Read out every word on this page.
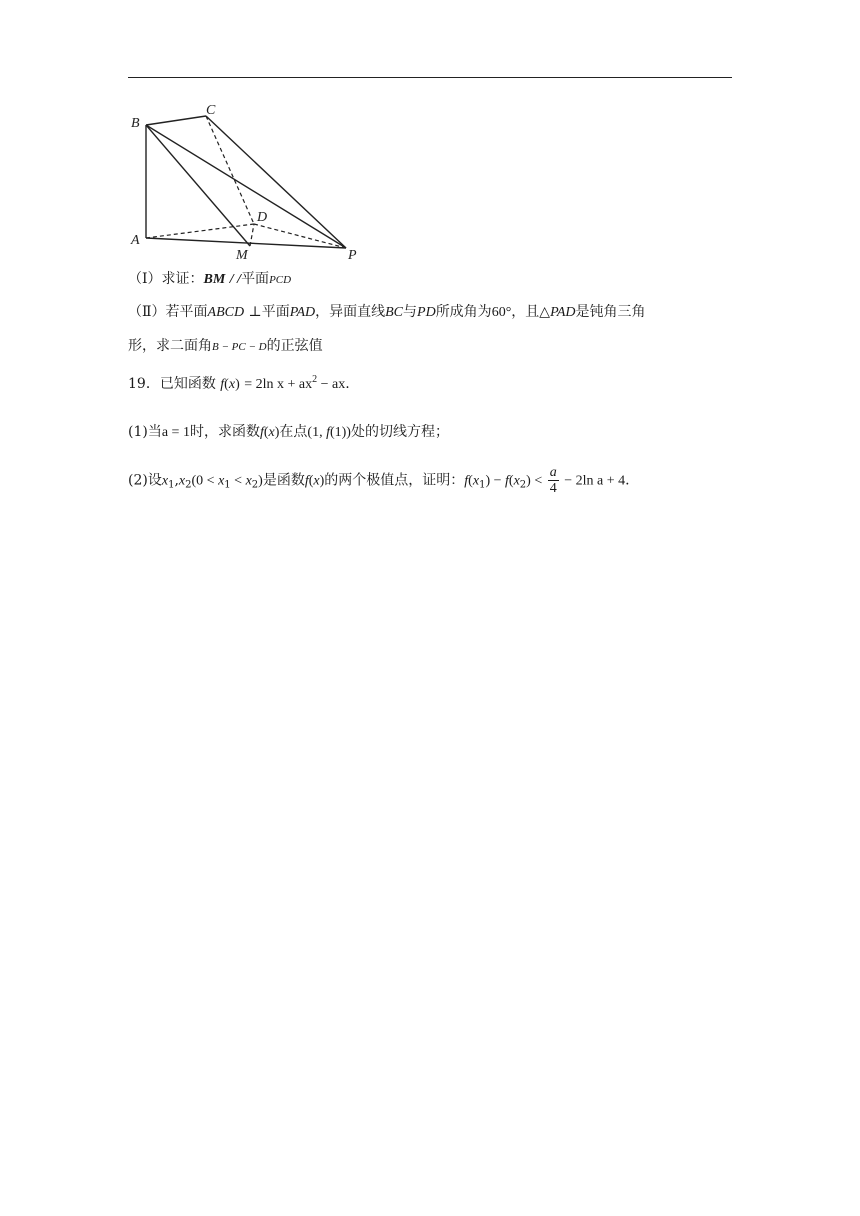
B
C
A
D
M	P
（Ⅰ）求证：BM / /平面PCD
（Ⅱ）若平面ABCD ⊥平面PAD，异面直线BC与PD所成角为60°，且△PAD是钝角三角
形，求二面角B − PC − D的正弦值
19．已知函数 f(x) = 2ln $x + ax^2$ − ax.
(1)当a = 1时，求函数f(x)在点(1, f(1))处的切线方程；
(2)设$x_1,x_2(0 < x_1 < x_2)$是函数f(x)的两个极值点，证明：$f(x_1) - f(x_2) < \frac{a}{4} - 2\ln$ a + 4.
